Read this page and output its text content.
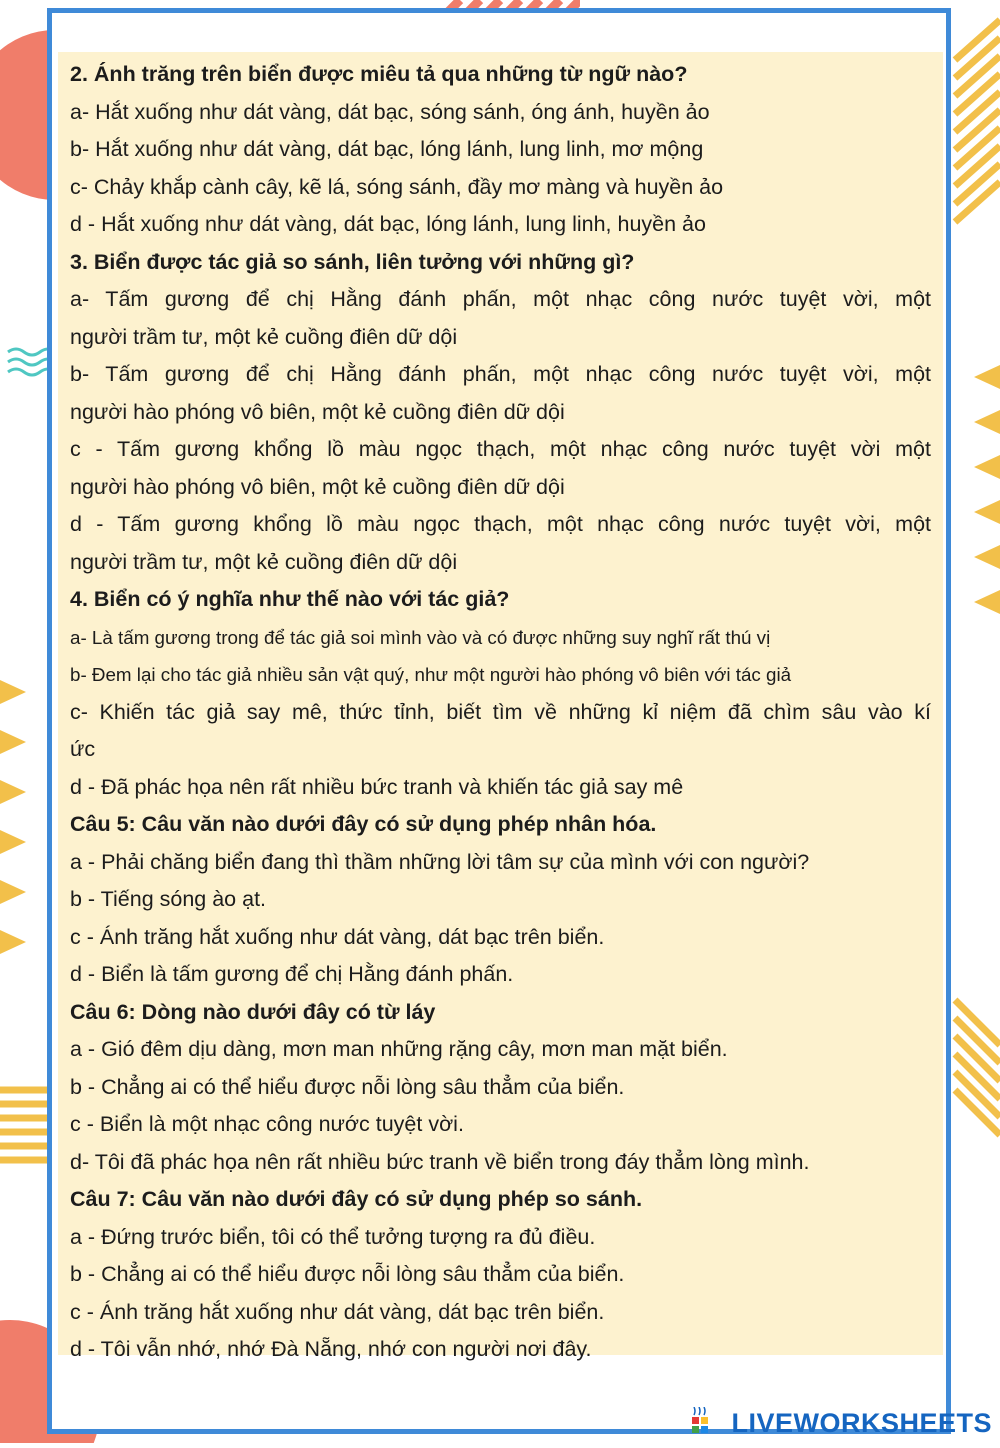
2. Ánh trăng trên biển được miêu tả qua những từ ngữ nào?
a- Hắt xuống như dát vàng, dát bạc, sóng sánh, óng ánh, huyền ảo
b- Hắt xuống như dát vàng, dát bạc, lóng lánh, lung linh, mơ mộng
c- Chảy khắp cành cây, kẽ lá, sóng sánh, đầy mơ màng và huyền ảo
d - Hắt xuống như dát vàng, dát bạc, lóng lánh, lung linh, huyền ảo
3. Biển được tác giả so sánh, liên tưởng với những gì?
a- Tấm gương để chị Hằng đánh phấn, một nhạc công nước tuyệt vời, một
người trầm tư, một kẻ cuồng điên dữ dội
b- Tấm gương để chị Hằng đánh phấn, một nhạc công nước tuyệt vời, một
người hào phóng vô biên, một kẻ cuồng điên dữ dội
c - Tấm gương khổng lồ màu ngọc thạch, một nhạc công nước tuyệt vời một
người hào phóng vô biên, một kẻ cuồng điên dữ dội
d - Tấm gương khổng lồ màu ngọc thạch, một nhạc công nước tuyệt vời, một
người trầm tư, một kẻ cuồng điên dữ dội
4. Biển có ý nghĩa như thế nào với tác giả?
a- Là tấm gương trong để tác giả soi mình vào và có được những suy nghĩ rất thú vị
b- Đem lại cho tác giả nhiều sản vật quý, như một người hào phóng vô biên với tác giả
c- Khiến tác giả say mê, thức tỉnh, biết tìm về những kỉ niệm đã chìm sâu vào kí
ức
d - Đã phác họa nên rất nhiều bức tranh và khiến tác giả say mê
Câu 5: Câu văn nào dưới đây có sử dụng phép nhân hóa.
a - Phải chăng biển đang thì thầm những lời tâm sự của mình với con người?
b - Tiếng sóng ào ạt.
c - Ánh trăng hắt xuống như dát vàng, dát bạc trên biển.
d - Biển là tấm gương để chị Hằng đánh phấn.
Câu 6: Dòng nào dưới đây có từ láy
a - Gió đêm dịu dàng, mơn man những rặng cây, mơn man mặt biển.
b - Chẳng ai có thể hiểu được nỗi lòng sâu thẳm của biển.
c - Biển là một nhạc công nước tuyệt vời.
d- Tôi đã phác họa nên rất nhiều bức tranh về biển trong đáy thẳm lòng mình.
Câu 7: Câu văn nào dưới đây có sử dụng phép so sánh.
a - Đứng trước biển, tôi có thể tưởng tượng ra đủ điều.
b - Chẳng ai có thể hiểu được nỗi lòng sâu thẳm của biển.
c - Ánh trăng hắt xuống như dát vàng, dát bạc trên biển.
d - Tôi vẫn nhớ, nhớ Đà Nẵng, nhớ con người nơi đây.
LIVEWORKSHEETS
